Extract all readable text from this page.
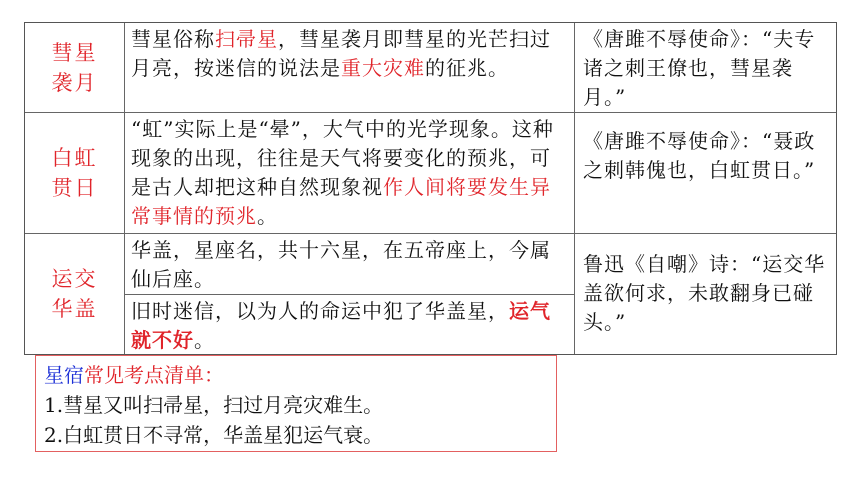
彗星
袭月
彗星俗称扫帚星，彗星袭月即彗星的光芒扫过月亮，按迷信的说法是重大灾难的征兆。
《唐雎不辱使命》：“夫专诸之刺王僚也，彗星袭月。”
白虹
贯日
“虹”实际上是“晕”，大气中的光学现象。这种现象的出现，往往是天气将要变化的预兆，可是古人却把这种自然现象视作人间将要发生异常事情的预兆。
《唐雎不辱使命》：“聂政之刺韩傀也，白虹贯日。”
运交
华盖
华盖，星座名，共十六星，在五帝座上，今属仙后座。
旧时迷信，以为人的命运中犯了华盖星，运气就不好。
鲁迅《自嘲》诗：“运交华盖欲何求，未敢翻身已碰头。”
星宿常见考点清单：
1.彗星又叫扫帚星，扫过月亮灾难生。
2.白虹贯日不寻常，华盖星犯运气衰。
